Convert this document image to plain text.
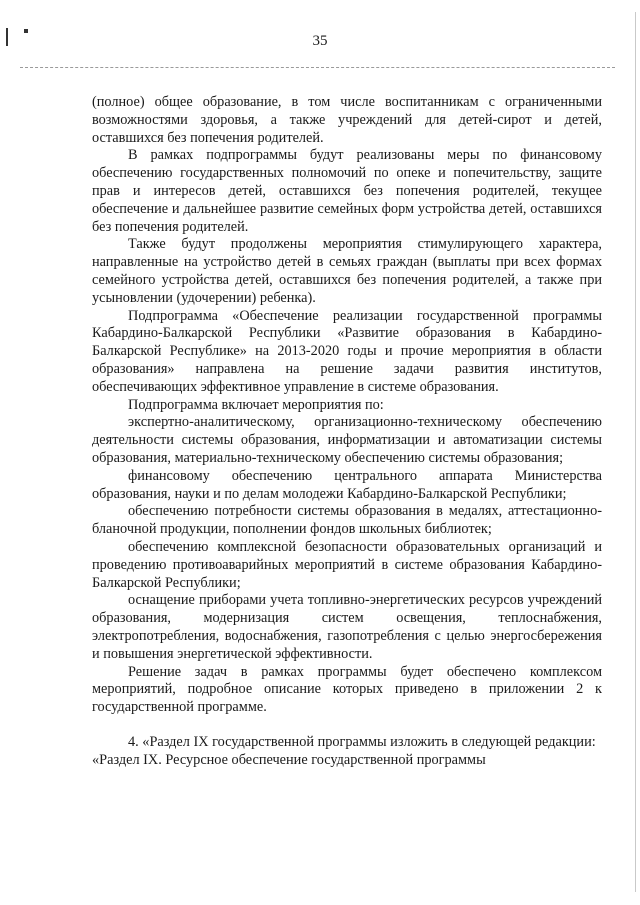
35

(полное) общее образование, в том числе воспитанникам с ограниченными возможностями здоровья, а также учреждений для детей-сирот и детей, оставшихся без попечения родителей.

В рамках подпрограммы будут реализованы меры по финансовому обеспечению государственных полномочий по опеке и попечительству, защите прав и интересов детей, оставшихся без попечения родителей, текущее обеспечение и дальнейшее развитие семейных форм устройства детей, оставшихся без попечения родителей.

Также будут продолжены мероприятия стимулирующего характера, направленные на устройство детей в семьях граждан (выплаты при всех формах семейного устройства детей, оставшихся без попечения родителей, а также при усыновлении (удочерении) ребенка).

Подпрограмма «Обеспечение реализации государственной программы Кабардино-Балкарской Республики «Развитие образования в Кабардино-Балкарской Республике» на 2013-2020 годы и прочие мероприятия в области образования» направлена на решение задачи развития институтов, обеспечивающих эффективное управление в системе образования.

Подпрограмма включает мероприятия по:

экспертно-аналитическому, организационно-техническому обеспечению деятельности системы образования, информатизации и автоматизации системы образования, материально-техническому обеспечению системы образования;

финансовому обеспечению центрального аппарата Министерства образования, науки и по делам молодежи Кабардино-Балкарской Республики;

обеспечению потребности системы образования в медалях, аттестационно-бланочной продукции, пополнении фондов школьных библиотек;

обеспечению комплексной безопасности образовательных организаций и проведению противоаварийных мероприятий в системе образования Кабардино-Балкарской Республики;

оснащение приборами учета топливно-энергетических ресурсов учреждений образования, модернизация систем освещения, теплоснабжения, электропотребления, водоснабжения, газопотребления с целью энергосбережения и повышения энергетической эффективности.

Решение задач в рамках программы будет обеспечено комплексом мероприятий, подробное описание которых приведено в приложении 2 к государственной программе.

4. «Раздел IX государственной программы изложить в следующей редакции:

«Раздел IX. Ресурсное обеспечение государственной программы
